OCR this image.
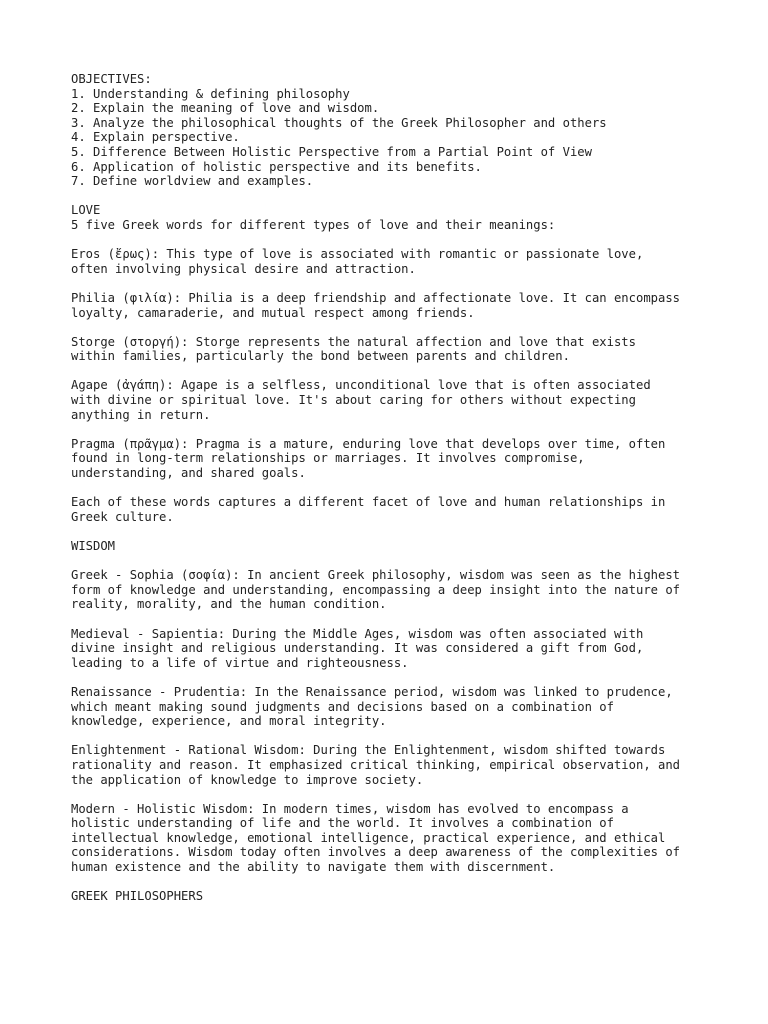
OBJECTIVES:

1. Understanding & defining philosophy

2. Explain the meaning of love and wisdom.

3. Analyze the philosophical thoughts of the Greek Philosopher and others

4. Explain perspective.

5. Difference Between Holistic Perspective from a Partial Point of View

6. Application of holistic perspective and its benefits.

7. Define worldview and examples.

LOVE

5 five Greek words for different types of love and their meanings:

Eros (ἔρως): This type of love is associated with romantic or passionate love,

often involving physical desire and attraction.

Philia (φιλία): Philia is a deep friendship and affectionate love. It can encompass

loyalty, camaraderie, and mutual respect among friends.

Storge (στοργή): Storge represents the natural affection and love that exists

within families, particularly the bond between parents and children.

Agape (ἀγάπη): Agape is a selfless, unconditional love that is often associated

with divine or spiritual love. It's about caring for others without expecting

anything in return.

Pragma (πρᾶγμα): Pragma is a mature, enduring love that develops over time, often

found in long-term relationships or marriages. It involves compromise,

understanding, and shared goals.

Each of these words captures a different facet of love and human relationships in

Greek culture.

WISDOM

Greek - Sophia (σοφία): In ancient Greek philosophy, wisdom was seen as the highest

form of knowledge and understanding, encompassing a deep insight into the nature of

reality, morality, and the human condition.

Medieval - Sapientia: During the Middle Ages, wisdom was often associated with

divine insight and religious understanding. It was considered a gift from God,

leading to a life of virtue and righteousness.

Renaissance - Prudentia: In the Renaissance period, wisdom was linked to prudence,

which meant making sound judgments and decisions based on a combination of

knowledge, experience, and moral integrity.

Enlightenment - Rational Wisdom: During the Enlightenment, wisdom shifted towards

rationality and reason. It emphasized critical thinking, empirical observation, and

the application of knowledge to improve society.

Modern - Holistic Wisdom: In modern times, wisdom has evolved to encompass a

holistic understanding of life and the world. It involves a combination of

intellectual knowledge, emotional intelligence, practical experience, and ethical

considerations. Wisdom today often involves a deep awareness of the complexities of

human existence and the ability to navigate them with discernment.

GREEK PHILOSOPHERS
